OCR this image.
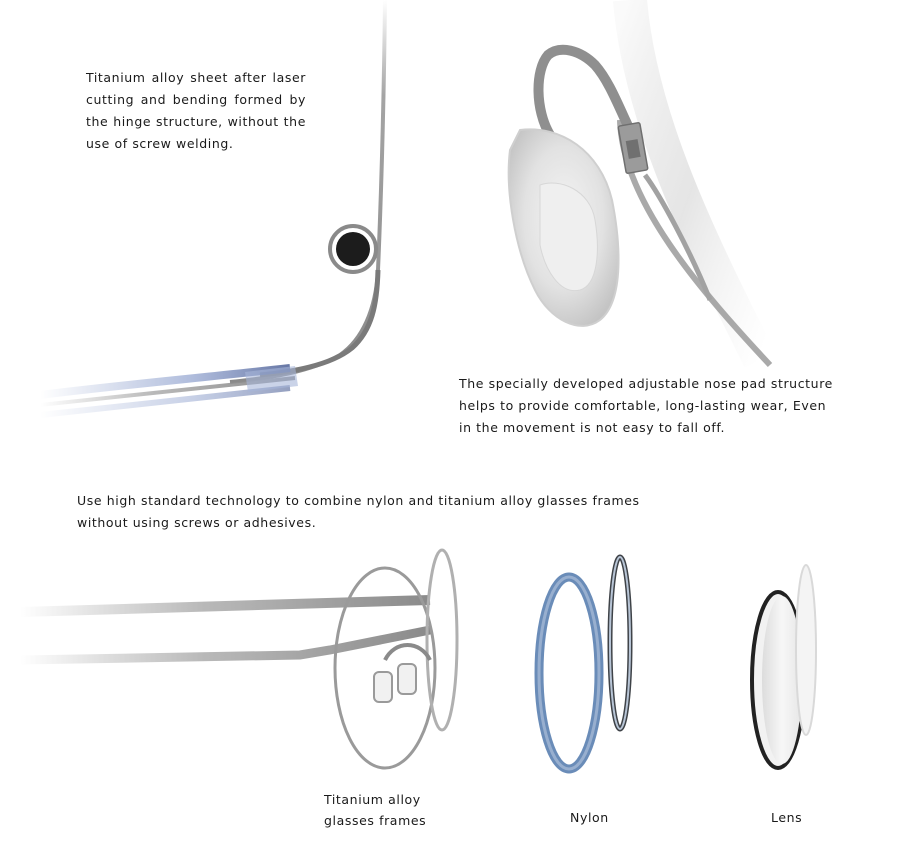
Titanium alloy sheet after laser cutting and bending formed by the hinge structure, without the use of screw welding.

The specially developed adjustable nose pad structure helps to provide comfortable, long-lasting wear, Even in the movement is not easy to fall off.

Use high standard technology to combine nylon and titanium alloy glasses frames without using screws or adhesives.

Titanium alloy
glasses frames	Nylon	Lens
